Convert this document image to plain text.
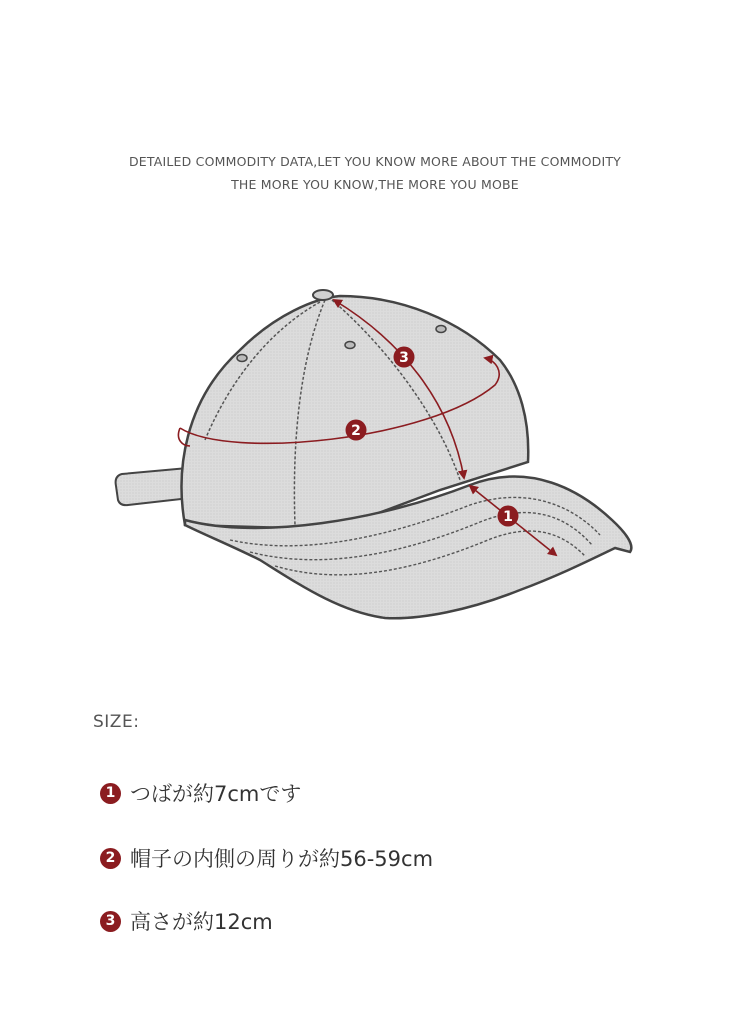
DETAILED COMMODITY DATA,LET YOU KNOW MORE ABOUT THE COMMODITY
THE MORE YOU KNOW,THE MORE YOU MOBE
3
2
1
SIZE:
1 つばが約7cmです
2 帽子の内側の周りが約56-59cm
3 高さが約12cm
